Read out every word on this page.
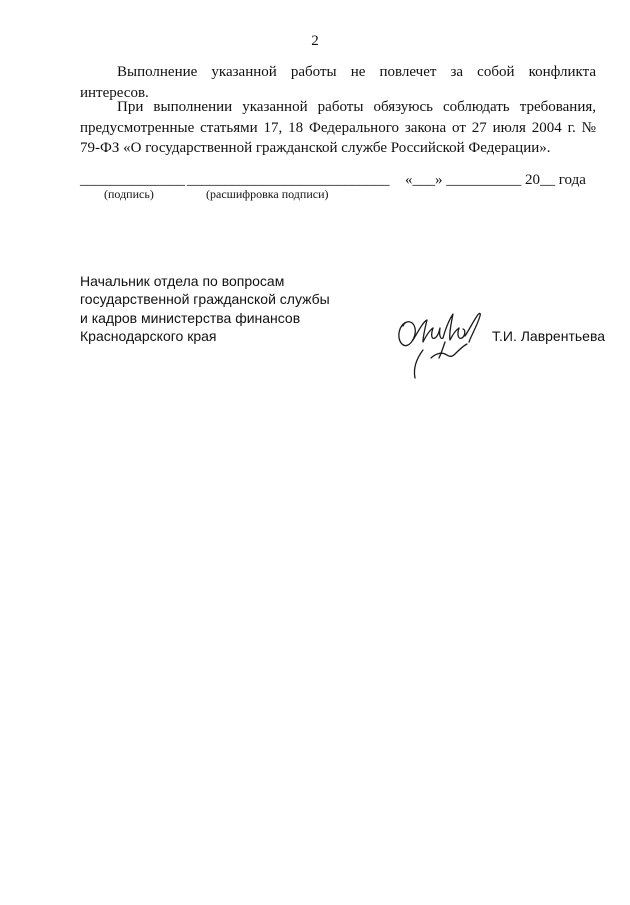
2
Выполнение указанной работы не повлечет за собой конфликта интересов.
При выполнении указанной работы обязуюсь соблюдать требования, предусмотренные статьями 17, 18 Федерального закона от 27 июля 2004 г. № 79-ФЗ «О государственной гражданской службе Российской Федерации».
______________ ___________________________ «___» __________ 20__ года
(подпись)	(расшифровка подписи)
Начальник отдела по вопросам
государственной гражданской службы
и кадров министерства финансов
Краснодарского края	Т.И. Лаврентьева
